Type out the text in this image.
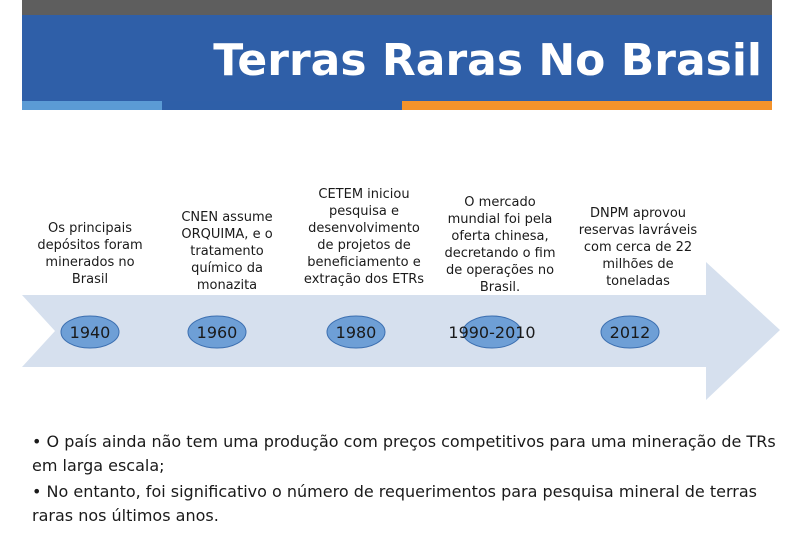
Terras Raras No Brasil
Os principais depósitos foram minerados no Brasil
CNEN assume ORQUIMA, e o tratamento químico da monazita
CETEM iniciou pesquisa e desenvolvimento de projetos de beneficiamento e extração dos ETRs
O mercado mundial foi pela oferta chinesa, decretando o fim de operações no Brasil.
DNPM aprovou reservas lavráveis com cerca de 22 milhões de toneladas
1940	1960	1980	1990-2010	2012

• O país ainda não tem uma produção com preços competitivos para uma mineração de TRs em larga escala;

• No entanto, foi significativo o número de requerimentos para pesquisa mineral de terras raras nos últimos anos.
